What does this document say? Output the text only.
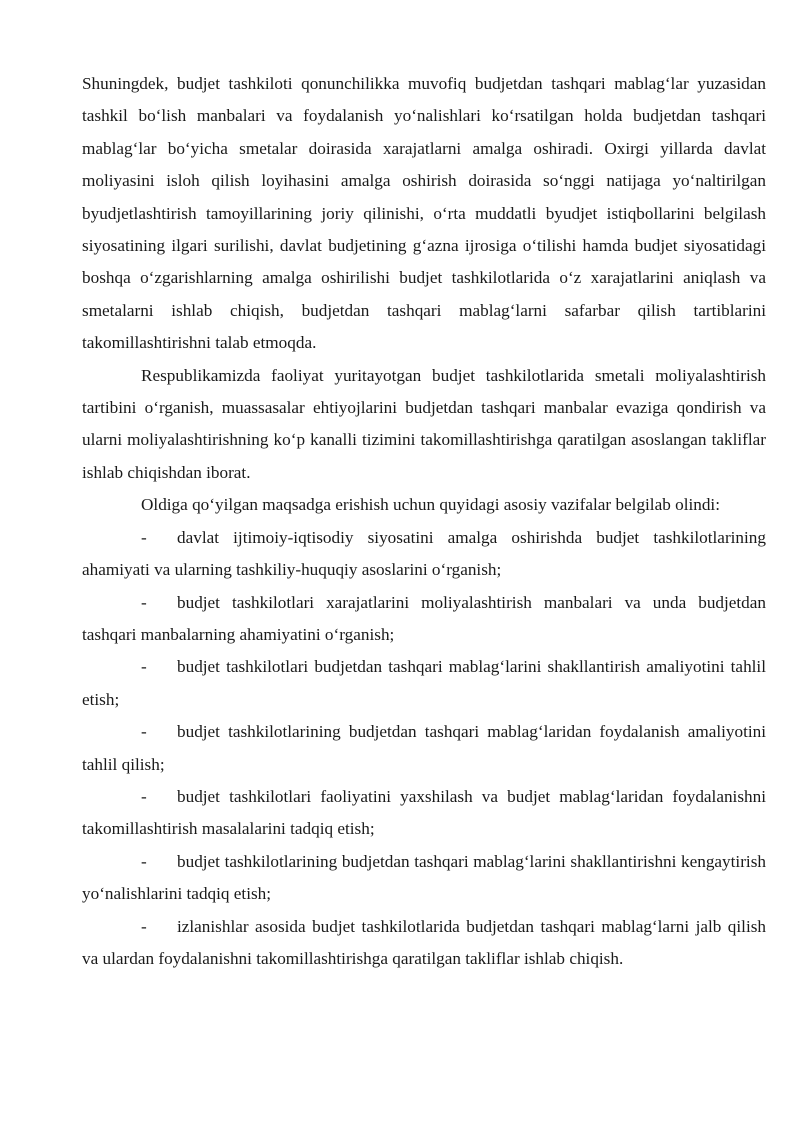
Shuningdek, budjet tashkiloti qonunchilikka muvofiq budjetdan tashqari mablag‘lar yuzasidan tashkil bo‘lish manbalari va foydalanish yo‘nalishlari ko‘rsatilgan holda budjetdan tashqari mablag‘lar bo‘yicha smetalar doirasida xarajatlarni amalga oshiradi. Oxirgi yillarda davlat moliyasini isloh qilish loyihasini amalga oshirish doirasida so‘nggi natijaga yo‘naltirilgan byudjetlashtirish tamoyillarining joriy qilinishi, o‘rta muddatli byudjet istiqbollarini belgilash siyosatining ilgari surilishi, davlat budjetining g‘azna ijrosiga o‘tilishi hamda budjet siyosatidagi boshqa o‘zgarishlarning amalga oshirilishi budjet tashkilotlarida o‘z xarajatlarini aniqlash va smetalarni ishlab chiqish, budjetdan tashqari mablag‘larni safarbar qilish tartiblarini takomillashtirishni talab etmoqda.

Respublikamizda faoliyat yuritayotgan budjet tashkilotlarida smetali moliyalashtirish tartibini o‘rganish, muassasalar ehtiyojlarini budjetdan tashqari manbalar evaziga qondirish va ularni moliyalashtirishning ko‘p kanalli tizimini takomillashtirishga qaratilgan asoslangan takliflar ishlab chiqishdan iborat.

Oldiga qo‘yilgan maqsadga erishish uchun quyidagi asosiy vazifalar belgilab olindi:

- davlat ijtimoiy-iqtisodiy siyosatini amalga oshirishda budjet tashkilotlarining ahamiyati va ularning tashkiliy-huquqiy asoslarini o‘rganish;

- budjet tashkilotlari xarajatlarini moliyalashtirish manbalari va unda budjetdan tashqari manbalarning ahamiyatini o‘rganish;

- budjet tashkilotlari budjetdan tashqari mablag‘larini shakllantirish amaliyotini tahlil etish;

- budjet tashkilotlarining budjetdan tashqari mablag‘laridan foydalanish amaliyotini tahlil qilish;

- budjet tashkilotlari faoliyatini yaxshilash va budjet mablag‘laridan foydalanishni takomillashtirish masalalarini tadqiq etish;

- budjet tashkilotlarining budjetdan tashqari mablag‘larini shakllantirishni kengaytirish yo‘nalishlarini tadqiq etish;

- izlanishlar asosida budjet tashkilotlarida budjetdan tashqari mablag‘larni jalb qilish va ulardan foydalanishni takomillashtirishga qaratilgan takliflar ishlab chiqish.
